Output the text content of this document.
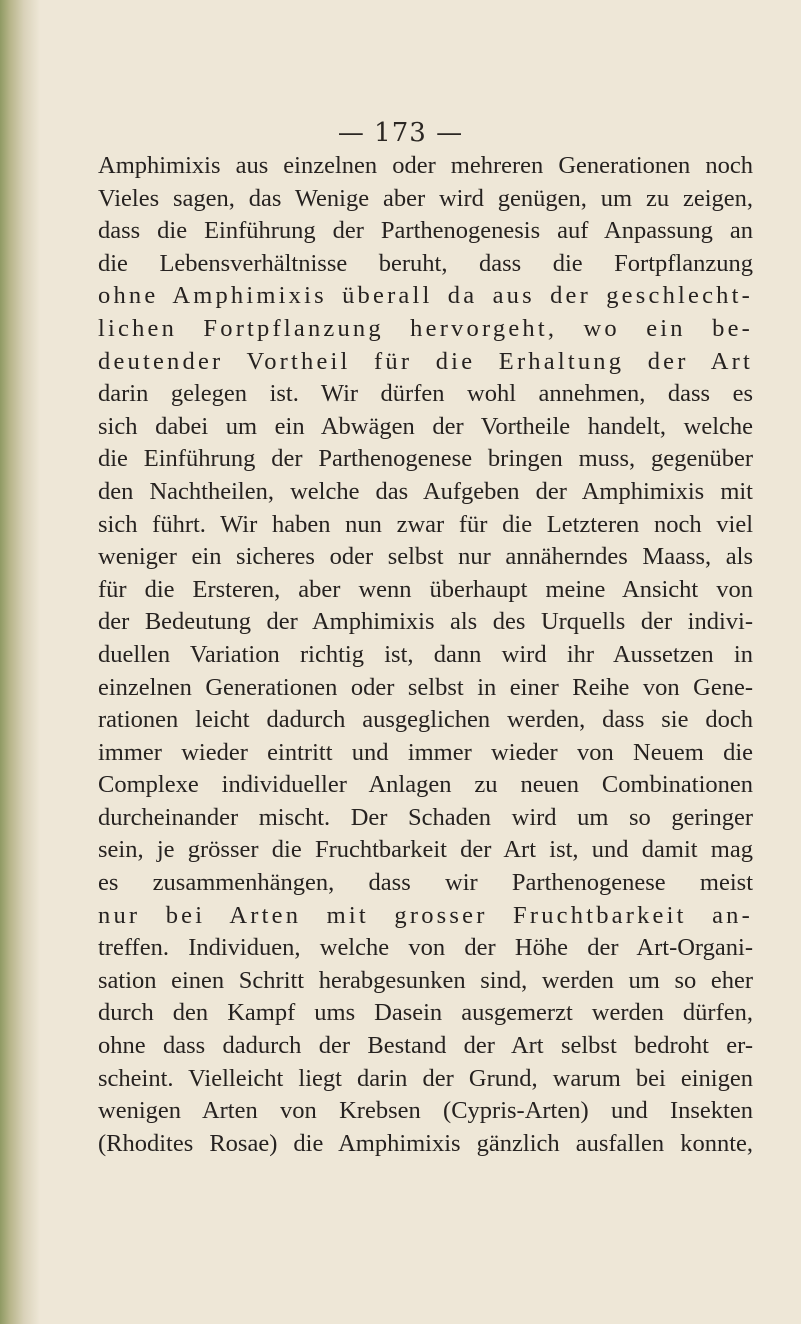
— 173 —
Amphimixis aus einzelnen oder mehreren Generationen noch
Vieles sagen, das Wenige aber wird genügen, um zu zeigen,
dass die Einführung der Parthenogenesis auf Anpassung an
die Lebensverhältnisse beruht, dass die Fortpflanzung
ohne Amphimixis überall da aus der geschlecht-
lichen Fortpflanzung hervorgeht, wo ein be-
deutender Vortheil für die Erhaltung der Art
darin gelegen ist. Wir dürfen wohl annehmen, dass es
sich dabei um ein Abwägen der Vortheile handelt, welche
die Einführung der Parthenogenese bringen muss, gegenüber
den Nachtheilen, welche das Aufgeben der Amphimixis mit
sich führt. Wir haben nun zwar für die Letzteren noch viel
weniger ein sicheres oder selbst nur annäherndes Maass, als
für die Ersteren, aber wenn überhaupt meine Ansicht von
der Bedeutung der Amphimixis als des Urquells der indivi-
duellen Variation richtig ist, dann wird ihr Aussetzen in
einzelnen Generationen oder selbst in einer Reihe von Gene-
rationen leicht dadurch ausgeglichen werden, dass sie doch
immer wieder eintritt und immer wieder von Neuem die
Complexe individueller Anlagen zu neuen Combinationen
durcheinander mischt. Der Schaden wird um so geringer
sein, je grösser die Fruchtbarkeit der Art ist, und damit mag
es zusammenhängen, dass wir Parthenogenese meist
nur bei Arten mit grosser Fruchtbarkeit an-
treffen. Individuen, welche von der Höhe der Art-Organi-
sation einen Schritt herabgesunken sind, werden um so eher
durch den Kampf ums Dasein ausgemerzt werden dürfen,
ohne dass dadurch der Bestand der Art selbst bedroht er-
scheint. Vielleicht liegt darin der Grund, warum bei einigen
wenigen Arten von Krebsen (Cypris-Arten) und Insekten
(Rhodites Rosae) die Amphimixis gänzlich ausfallen konnte,
